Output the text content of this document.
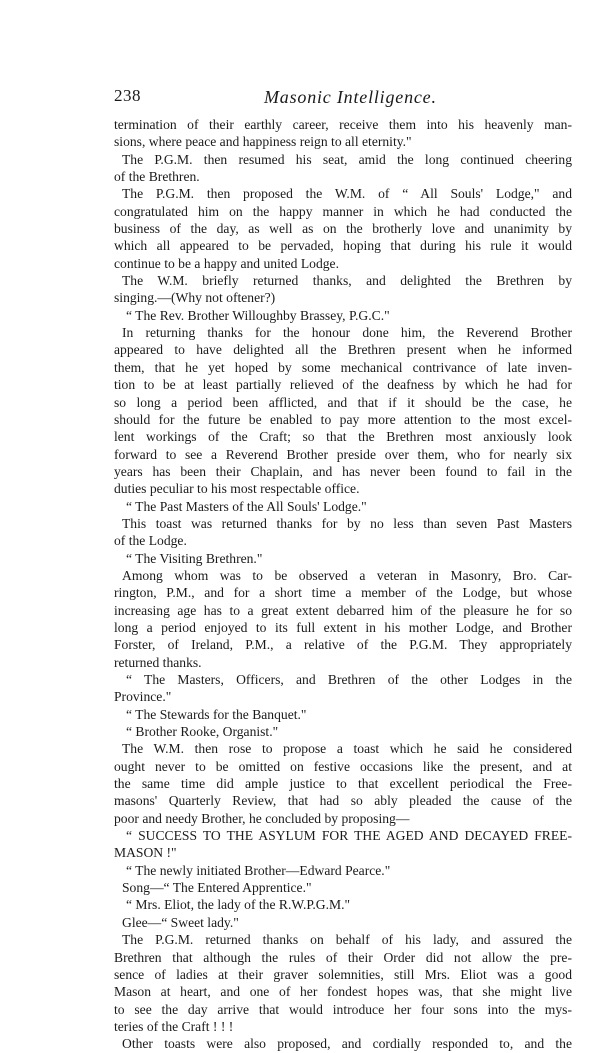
238	Masonic Intelligence.
termination of their earthly career, receive them into his heavenly man-
sions, where peace and happiness reign to all eternity."
The P.G.M. then resumed his seat, amid the long continued cheering
of the Brethren.
The P.G.M. then proposed the W.M. of “ All Souls' Lodge," and
congratulated him on the happy manner in which he had conducted the
business of the day, as well as on the brotherly love and unanimity by
which all appeared to be pervaded, hoping that during his rule it would
continue to be a happy and united Lodge.
The W.M. briefly returned thanks, and delighted the Brethren by
singing.—(Why not oftener?)
“ The Rev. Brother Willoughby Brassey, P.G.C."
In returning thanks for the honour done him, the Reverend Brother
appeared to have delighted all the Brethren present when he informed
them, that he yet hoped by some mechanical contrivance of late inven-
tion to be at least partially relieved of the deafness by which he had for
so long a period been afflicted, and that if it should be the case, he
should for the future be enabled to pay more attention to the most excel-
lent workings of the Craft; so that the Brethren most anxiously look
forward to see a Reverend Brother preside over them, who for nearly six
years has been their Chaplain, and has never been found to fail in the
duties peculiar to his most respectable office.
“ The Past Masters of the All Souls' Lodge."
This toast was returned thanks for by no less than seven Past Masters
of the Lodge.
“ The Visiting Brethren."
Among whom was to be observed a veteran in Masonry, Bro. Car-
rington, P.M., and for a short time a member of the Lodge, but whose
increasing age has to a great extent debarred him of the pleasure he for so
long a period enjoyed to its full extent in his mother Lodge, and Brother
Forster, of Ireland, P.M., a relative of the P.G.M. They appropriately
returned thanks.
“ The Masters, Officers, and Brethren of the other Lodges in the
Province."
“ The Stewards for the Banquet."
“ Brother Rooke, Organist."
The W.M. then rose to propose a toast which he said he considered
ought never to be omitted on festive occasions like the present, and at
the same time did ample justice to that excellent periodical the Free-
masons' Quarterly Review, that had so ably pleaded the cause of the
poor and needy Brother, he concluded by proposing—
“ SUCCESS TO THE ASYLUM FOR THE AGED AND DECAYED FREE-
MASON !"
“ The newly initiated Brother—Edward Pearce."
Song—“ The Entered Apprentice."
“ Mrs. Eliot, the lady of the R.W.P.G.M."
Glee—“ Sweet lady."
The P.G.M. returned thanks on behalf of his lady, and assured the
Brethren that although the rules of their Order did not allow the pre-
sence of ladies at their graver solemnities, still Mrs. Eliot was a good
Mason at heart, and one of her fondest hopes was, that she might live
to see the day arrive that would introduce her four sons into the mys-
teries of the Craft ! ! !
Other toasts were also proposed, and cordially responded to, and the
